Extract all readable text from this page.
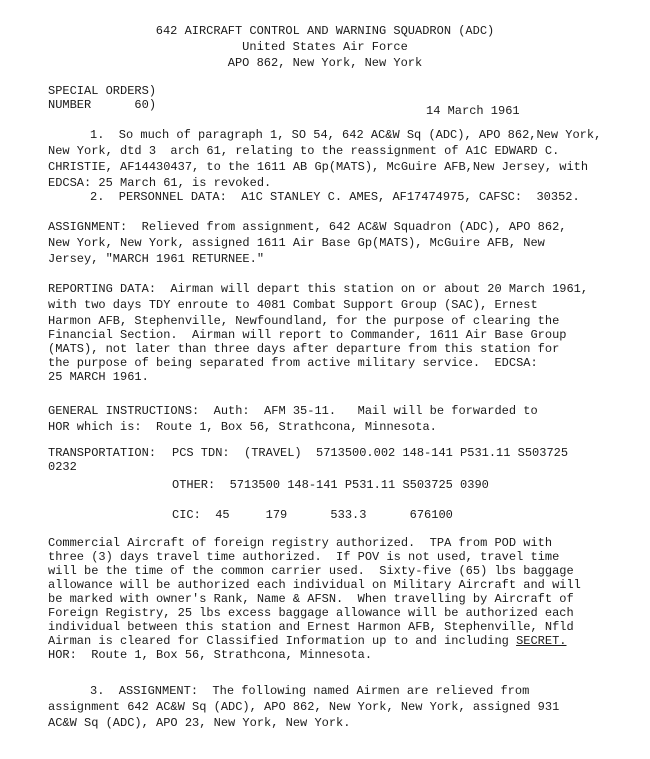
642 AIRCRAFT CONTROL AND WARNING SQUADRON (ADC)
United States Air Force
APO 862, New York, New York
SPECIAL ORDERS)
NUMBER      60)	14 March 1961
1.  So much of paragraph 1, SO 54, 642 AC&W Sq (ADC), APO 862,New York,
New York, dtd 3  arch 61, relating to the reassignment of A1C EDWARD C.
CHRISTIE, AF14430437, to the 1611 AB Gp(MATS), McGuire AFB,New Jersey, with
EDCSA: 25 March 61, is revoked.
2.  PERSONNEL DATA:  A1C STANLEY C. AMES, AF17474975, CAFSC:  30352.
ASSIGNMENT:  Relieved from assignment, 642 AC&W Squadron (ADC), APO 862,
New York, New York, assigned 1611 Air Base Gp(MATS), McGuire AFB, New
Jersey, "MARCH 1961 RETURNEE."
REPORTING DATA:  Airman will depart this station on or about 20 March 1961,
with two days TDY enroute to 4081 Combat Support Group (SAC), Ernest
Harmon AFB, Stephenville, Newfoundland, for the purpose of clearing the
Financial Section.  Airman will report to Commander, 1611 Air Base Group
(MATS), not later than three days after departure from this station for
the purpose of being separated from active military service.  EDCSA:
25 MARCH 1961.
GENERAL INSTRUCTIONS:  Auth:  AFM 35-11.   Mail will be forwarded to
HOR which is:  Route 1, Box 56, Strathcona, Minnesota.
TRANSPORTATION: PCS TDN:  (TRAVEL)  5713500.002 148-141 P531.11 S503725
0232
OTHER:  5713500 148-141 P531.11 S503725 0390
CIC:  45     179      533.3      676100
Commercial Aircraft of foreign registry authorized.  TPA from POD with
three (3) days travel time authorized.  If POV is not used, travel time
will be the time of the common carrier used.  Sixty-five (65) lbs baggage
allowance will be authorized each individual on Military Aircraft and will
be marked with owner's Rank, Name & AFSN.  When travelling by Aircraft of
Foreign Registry, 25 lbs excess baggage allowance will be authorized each
individual between this station and Ernest Harmon AFB, Stephenville, Nfld
Airman is cleared for Classified Information up to and including SECRET.
HOR:  Route 1, Box 56, Strathcona, Minnesota.
3.  ASSIGNMENT:  The following named Airmen are relieved from
assignment 642 AC&W Sq (ADC), APO 862, New York, New York, assigned 931
AC&W Sq (ADC), APO 23, New York, New York.
